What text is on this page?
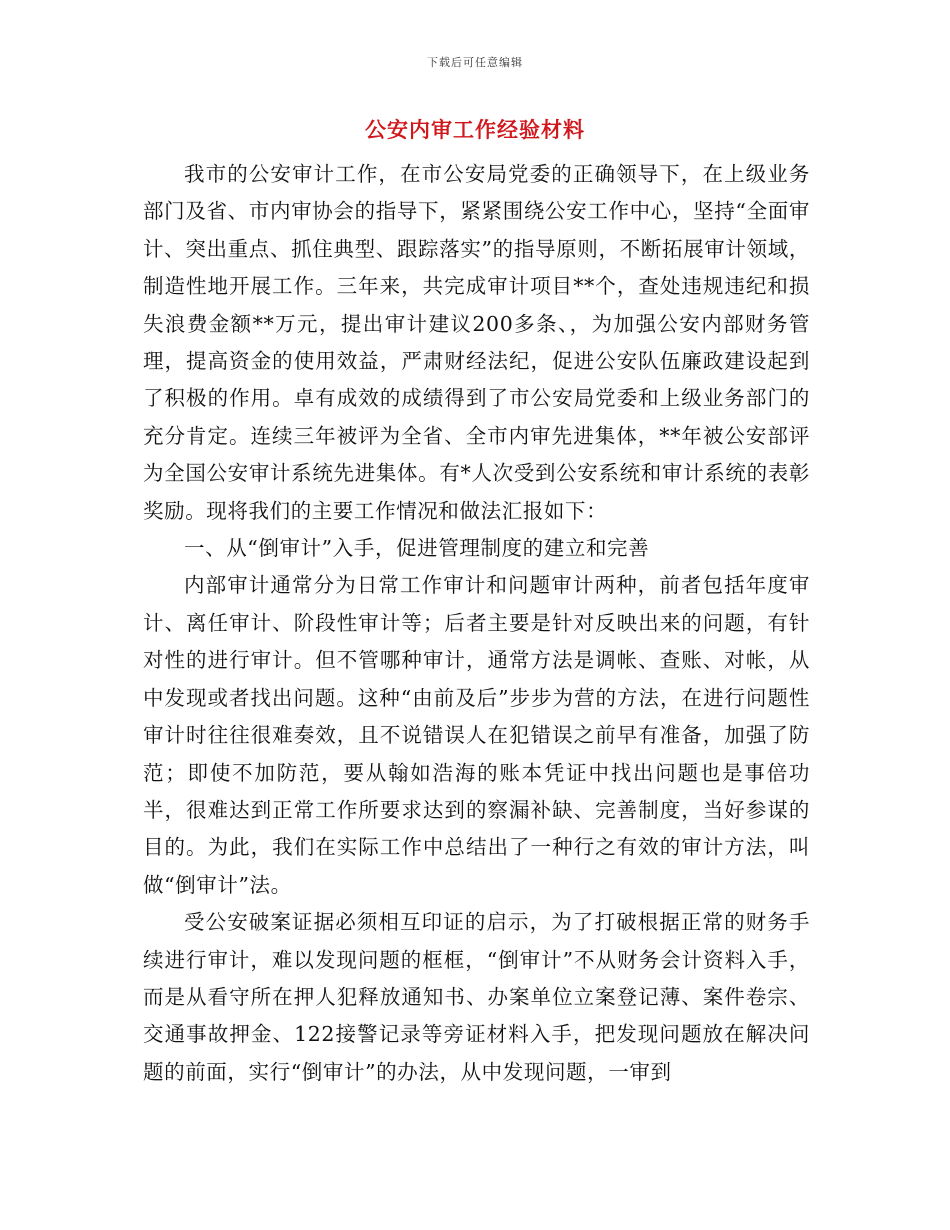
下载后可任意编辑
公安内审工作经验材料

我市的公安审计工作，在市公安局党委的正确领导下，在上级业务部门及省、市内审协会的指导下，紧紧围绕公安工作中心，坚持“全面审计、突出重点、抓住典型、跟踪落实”的指导原则，不断拓展审计领域，制造性地开展工作。三年来，共完成审计项目**个，查处违规违纪和损失浪费金额**万元，提出审计建议200多条、，为加强公安内部财务管理，提高资金的使用效益，严肃财经法纪，促进公安队伍廉政建设起到了积极的作用。卓有成效的成绩得到了市公安局党委和上级业务部门的充分肯定。连续三年被评为全省、全市内审先进集体，**年被公安部评为全国公安审计系统先进集体。有*人次受到公安系统和审计系统的表彰奖励。现将我们的主要工作情况和做法汇报如下：

一、从“倒审计”入手，促进管理制度的建立和完善

内部审计通常分为日常工作审计和问题审计两种，前者包括年度审计、离任审计、阶段性审计等；后者主要是针对反映出来的问题，有针对性的进行审计。但不管哪种审计，通常方法是调帐、查账、对帐，从中发现或者找出问题。这种“由前及后”步步为营的方法，在进行问题性审计时往往很难奏效，且不说错误人在犯错误之前早有准备，加强了防范；即使不加防范，要从翰如浩海的账本凭证中找出问题也是事倍功半，很难达到正常工作所要求达到的察漏补缺、完善制度，当好参谋的目的。为此，我们在实际工作中总结出了一种行之有效的审计方法，叫做“倒审计”法。

受公安破案证据必须相互印证的启示，为了打破根据正常的财务手续进行审计，难以发现问题的框框，“倒审计”不从财务会计资料入手，而是从看守所在押人犯释放通知书、办案单位立案登记薄、案件卷宗、交通事故押金、122接警记录等旁证材料入手，把发现问题放在解决问题的前面，实行“倒审计”的办法，从中发现问题，一审到
